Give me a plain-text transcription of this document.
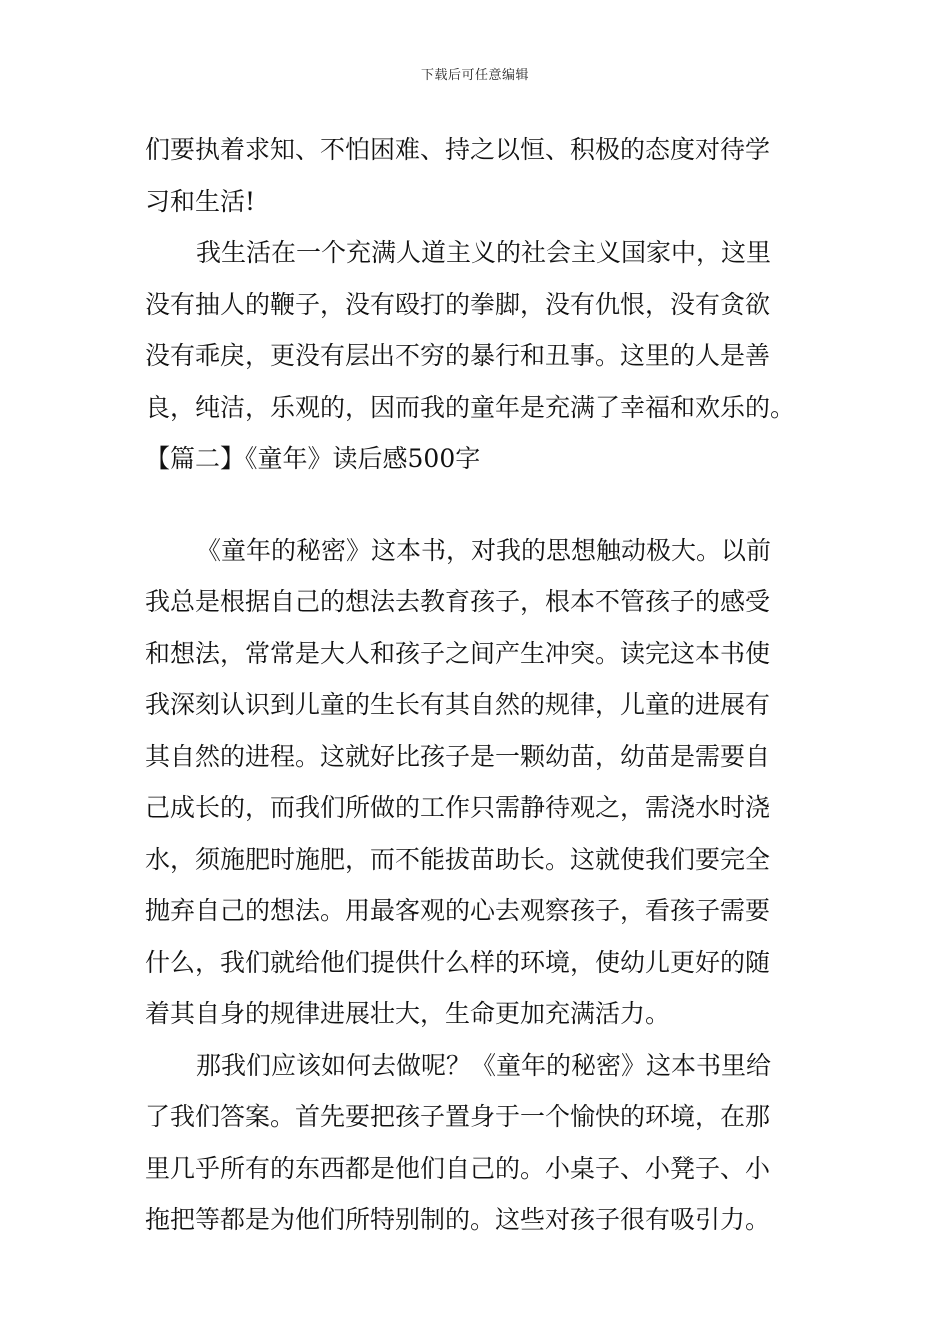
下载后可任意编辑
们要执着求知、不怕困难、持之以恒、积极的态度对待学
习和生活!
我生活在一个充满人道主义的社会主义国家中，这里
没有抽人的鞭子，没有殴打的拳脚，没有仇恨，没有贪欲
没有乖戾，更没有层出不穷的暴行和丑事。这里的人是善
良，纯洁，乐观的，因而我的童年是充满了幸福和欢乐的。
【篇二】《童年》读后感500字
《童年的秘密》这本书，对我的思想触动极大。以前
我总是根据自己的想法去教育孩子，根本不管孩子的感受
和想法，常常是大人和孩子之间产生冲突。读完这本书使
我深刻认识到儿童的生长有其自然的规律，儿童的进展有
其自然的进程。这就好比孩子是一颗幼苗，幼苗是需要自
己成长的，而我们所做的工作只需静待观之，需浇水时浇
水，须施肥时施肥，而不能拔苗助长。这就使我们要完全
抛弃自己的想法。用最客观的心去观察孩子，看孩子需要
什么，我们就给他们提供什么样的环境，使幼儿更好的随
着其自身的规律进展壮大，生命更加充满活力。
那我们应该如何去做呢？《童年的秘密》这本书里给
了我们答案。首先要把孩子置身于一个愉快的环境，在那
里几乎所有的东西都是他们自己的。小桌子、小凳子、小
拖把等都是为他们所特别制的。这些对孩子很有吸引力。
